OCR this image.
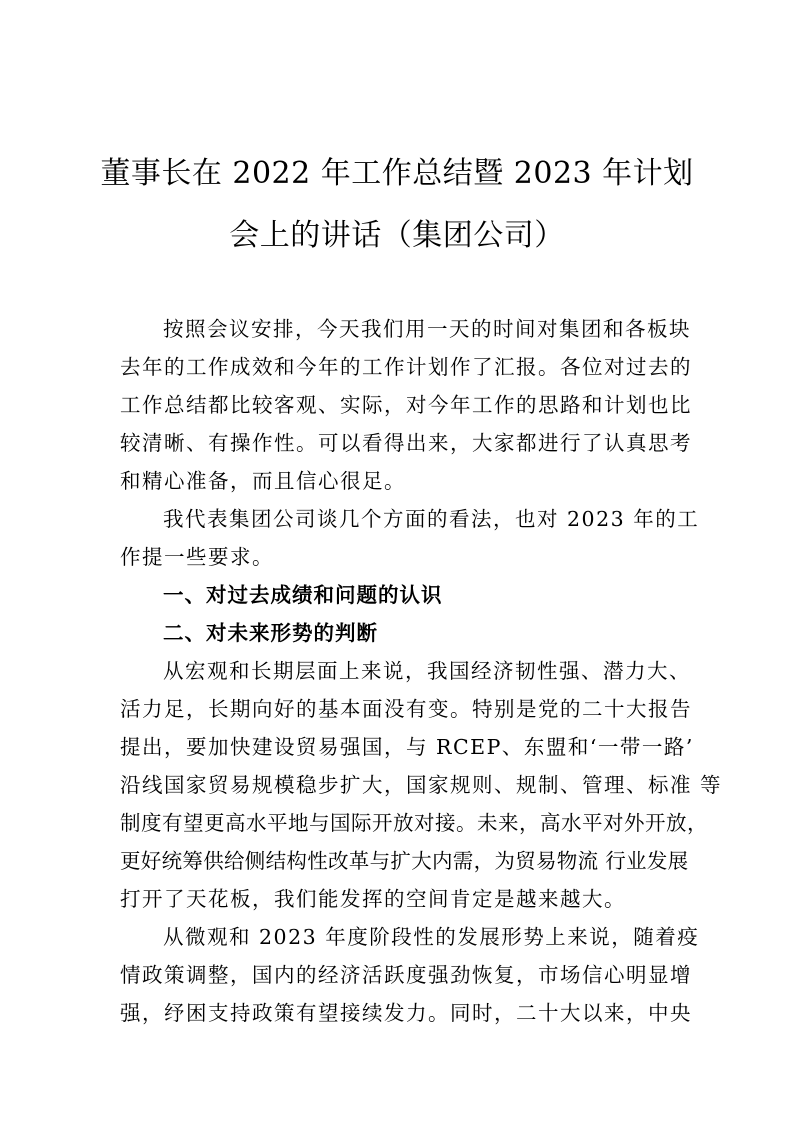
董事长在 2022 年工作总结暨 2023 年计划
会上的讲话（集团公司）
按照会议安排，今天我们用一天的时间对集团和各板块
去年的工作成效和今年的工作计划作了汇报。各位对过去的
工作总结都比较客观、实际，对今年工作的思路和计划也比
较清晰、有操作性。可以看得出来，大家都进行了认真思考
和精心准备，而且信心很足。
我代表集团公司谈几个方面的看法，也对 2023 年的工
作提一些要求。
一、对过去成绩和问题的认识
二、对未来形势的判断
从宏观和长期层面上来说，我国经济韧性强、潜力大、
活力足，长期向好的基本面没有变。特别是党的二十大报告
提出，要加快建设贸易强国，与 RCEP、东盟和‘一带一路’
沿线国家贸易规模稳步扩大，国家规则、规制、管理、标准 等
制度有望更高水平地与国际开放对接。未来，高水平对外开放，
更好统筹供给侧结构性改革与扩大内需，为贸易物流 行业发展
打开了天花板，我们能发挥的空间肯定是越来越大。
从微观和 2023 年度阶段性的发展形势上来说，随着疫
情政策调整，国内的经济活跃度强劲恢复，市场信心明显增
强，纾困支持政策有望接续发力。同时，二十大以来，中央
